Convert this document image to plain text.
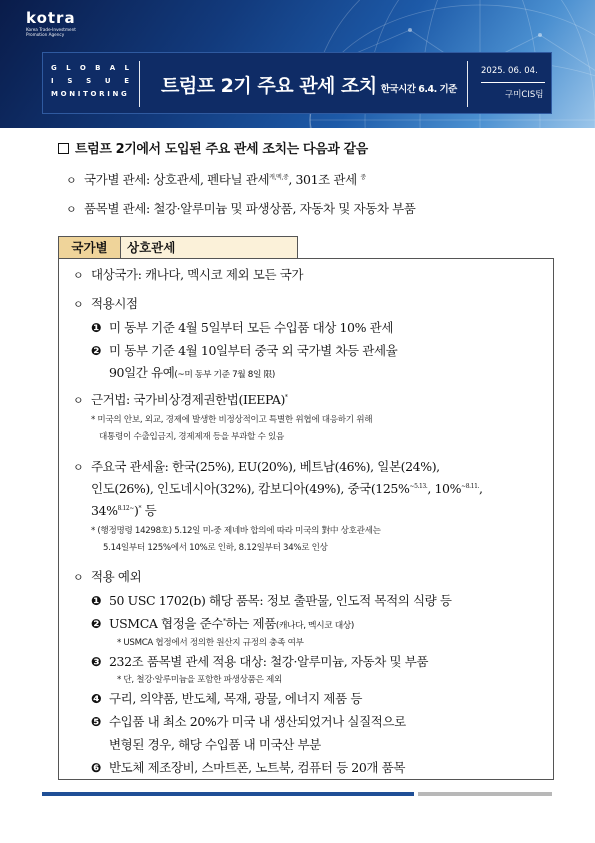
kotra
Korea Trade-Investment Promotion Agency
G L O B A L
I S S U E
M O N I T O R I N G 트럼프 2기 주요 관세 조치 한국시간 6.4. 기준
2025. 06. 04.
구미CIS팀
트럼프 2기에서 도입된 주요 관세 조치는 다음과 같음
ㅇ 국가별 관세: 상호관세, 펜타닐 관세$^{캐,멕,중}$, 301조 관세 $^중$
ㅇ 품목별 관세: 철강·알루미늄 및 파생상품, 자동차 및 자동차 부품
국가별	상호관세
ㅇ 대상국가: 캐나다, 멕시코 제외 모든 국가
ㅇ 적용시점
❶ 미 동부 기준 4월 5일부터 모든 수입품 대상 10% 관세
❷ 미 동부 기준 4월 10일부터 중국 외 국가별 차등 관세율
90일간 유예(~미 동부 기준 7월 8일 限)
ㅇ 근거법: 국가비상경제권한법(IEEPA)*
* 미국의 안보, 외교, 경제에 발생한 비정상적이고 특별한 위협에 대응하기 위해
대통령이 수출입금지, 경제제재 등을 부과할 수 있음
ㅇ 주요국 관세율: 한국(25%), EU(20%), 베트남(46%), 일본(24%),
인도(26%), 인도네시아(32%), 캄보디아(49%), 중국(125%$^{\sim 5.13.}$, 10%$^{\sim 8.11.}$,
34%$^{8.12\sim}$)* 등
* (행정명령 14298호) 5.12일 미-중 제네바 합의에 따라 미국의 對中 상호관세는
5.14일부터 125%에서 10%로 인하, 8.12일부터 34%로 인상
ㅇ 적용 예외
❶ 50 USC 1702(b) 해당 품목: 정보 출판물, 인도적 목적의 식량 등
❷ USMCA 협정을 준수*하는 제품(캐나다, 멕시코 대상)
* USMCA 협정에서 정의한 원산지 규정의 충족 여부
❸ 232조 품목별 관세 적용 대상: 철강·알루미늄, 자동차 및 부품
* 단, 철강·알루미늄을 포함한 파생상품은 제외
❹ 구리, 의약품, 반도체, 목재, 광물, 에너지 제품 등
❺ 수입품 내 최소 20%가 미국 내 생산되었거나 실질적으로
변형된 경우, 해당 수입품 내 미국산 부분
❻ 반도체 제조장비, 스마트폰, 노트북, 컴퓨터 등 20개 품목
